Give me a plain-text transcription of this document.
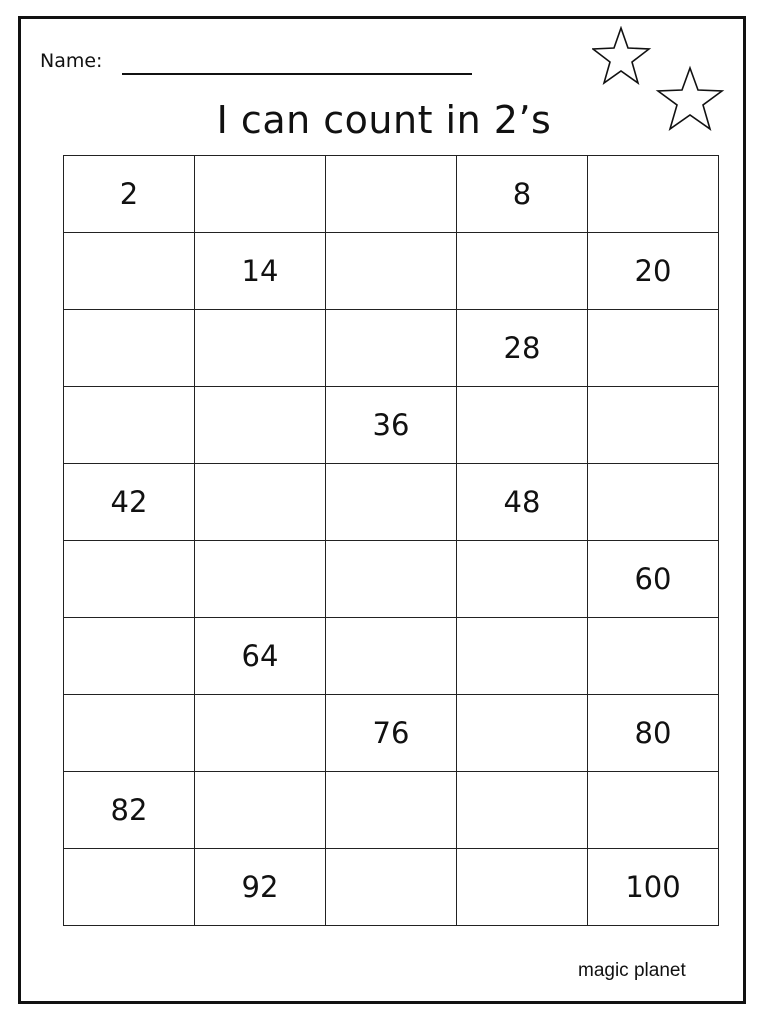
Name:
I can count in 2’s
2			8	
	14			20
			28	
		36		
42			48	
				60
	64			
		76		80
82				
	92			100
magic planet
